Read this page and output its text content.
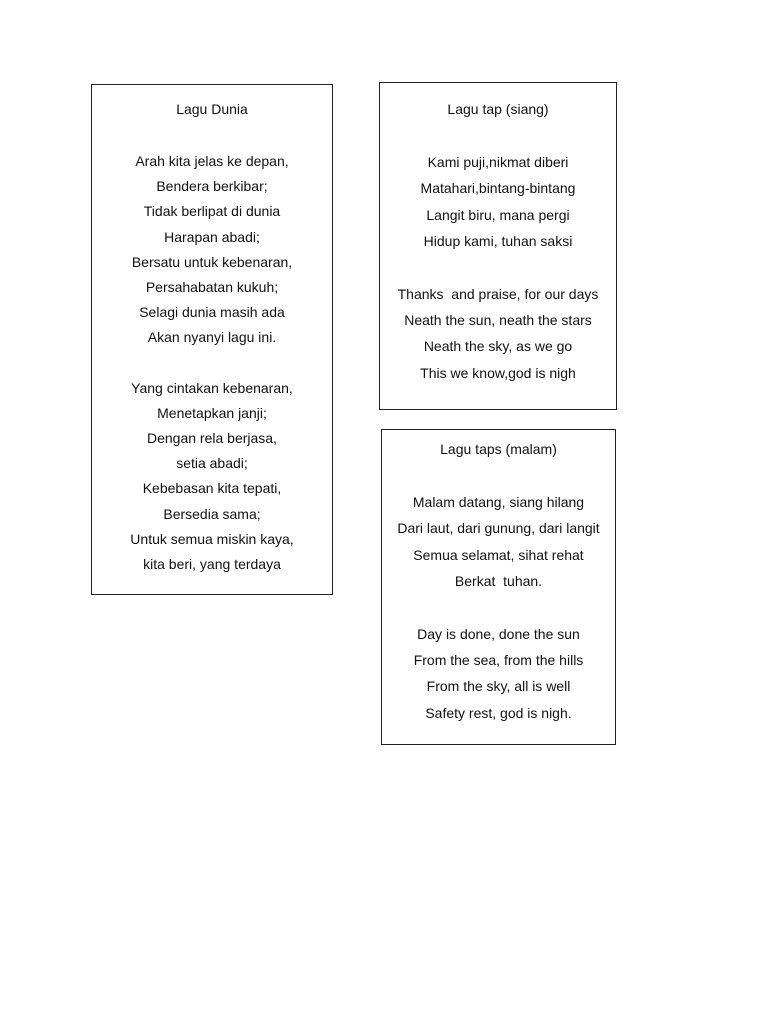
Lagu Dunia

Arah kita jelas ke depan,
Bendera berkibar;
Tidak berlipat di dunia
Harapan abadi;
Bersatu untuk kebenaran,
Persahabatan kukuh;
Selagi dunia masih ada
Akan nyanyi lagu ini.
Yang cintakan kebenaran,
Menetapkan janji;
Dengan rela berjasa,
setia abadi;
Kebebasan kita tepati,
Bersedia sama;
Untuk semua miskin kaya,
kita beri, yang terdaya

Lagu tap (siang)

Kami puji,nikmat diberi
Matahari,bintang-bintang
Langit biru, mana pergi
Hidup kami, tuhan saksi
Thanks  and praise, for our days
Neath the sun, neath the stars
Neath the sky, as we go
This we know,god is nigh

Lagu taps (malam)

Malam datang, siang hilang
Dari laut, dari gunung, dari langit
Semua selamat, sihat rehat
Berkat  tuhan.
Day is done, done the sun
From the sea, from the hills
From the sky, all is well
Safety rest, god is nigh.
